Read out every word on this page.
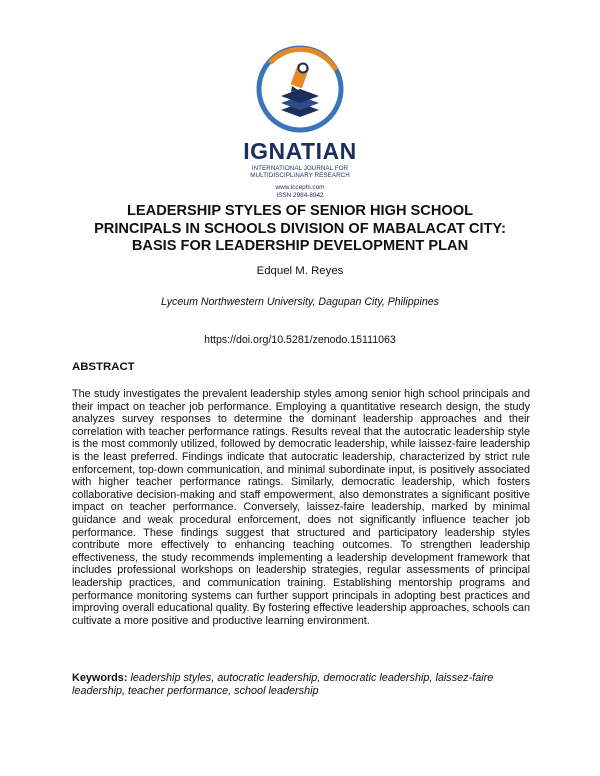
IGNATIAN
INTERNATIONAL JOURNAL FOR
MULTIDISCIPLINARY RESEARCH
www.iccephi.com
ISSN 2984-8942
LEADERSHIP STYLES OF SENIOR HIGH SCHOOL
PRINCIPALS IN SCHOOLS DIVISION OF MABALACAT CITY:
BASIS FOR LEADERSHIP DEVELOPMENT PLAN
Edquel M. Reyes
Lyceum Northwestern University, Dagupan City, Philippines
https://doi.org/10.5281/zenodo.15111063
ABSTRACT

The study investigates the prevalent leadership styles among senior high school principals and their impact on teacher job performance. Employing a quantitative research design, the study analyzes survey responses to determine the dominant leadership approaches and their correlation with teacher performance ratings. Results reveal that the autocratic leadership style is the most commonly utilized, followed by democratic leadership, while laissez-faire leadership is the least preferred. Findings indicate that autocratic leadership, characterized by strict rule enforcement, top-down communication, and minimal subordinate input, is positively associated with higher teacher performance ratings. Similarly, democratic leadership, which fosters collaborative decision-making and staff empowerment, also demonstrates a significant positive impact on teacher performance. Conversely, laissez-faire leadership, marked by minimal guidance and weak procedural enforcement, does not significantly influence teacher job performance. These findings suggest that structured and participatory leadership styles contribute more effectively to enhancing teaching outcomes. To strengthen leadership effectiveness, the study recommends implementing a leadership development framework that includes professional workshops on leadership strategies, regular assessments of principal leadership practices, and communication training. Establishing mentorship programs and performance monitoring systems can further support principals in adopting best practices and improving overall educational quality. By fostering effective leadership approaches, schools can cultivate a more positive and productive learning environment.

Keywords: leadership styles, autocratic leadership, democratic leadership, laissez-faire leadership, teacher performance, school leadership
